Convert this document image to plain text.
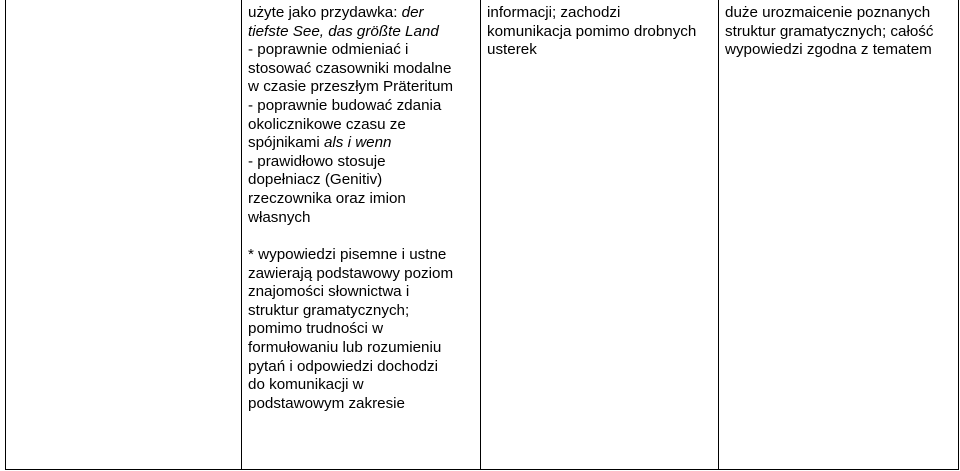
użyte jako przydawka: der
tiefste See, das größte Land
- poprawnie odmieniać i
stosować czasowniki modalne
w czasie przeszłym Präteritum
- poprawnie budować zdania
okolicznikowe czasu ze
spójnikami als i wenn
- prawidłowo stosuje
dopełniacz (Genitiv)
rzeczownika oraz imion
własnych
* wypowiedzi pisemne i ustne
zawierają podstawowy poziom
znajomości słownictwa i
struktur gramatycznych;
pomimo trudności w
formułowaniu lub rozumieniu
pytań i odpowiedzi dochodzi
do komunikacji w
podstawowym zakresie
informacji; zachodzi
komunikacja pomimo drobnych
usterek
duże urozmaicenie poznanych
struktur gramatycznych; całość
wypowiedzi zgodna z tematem
